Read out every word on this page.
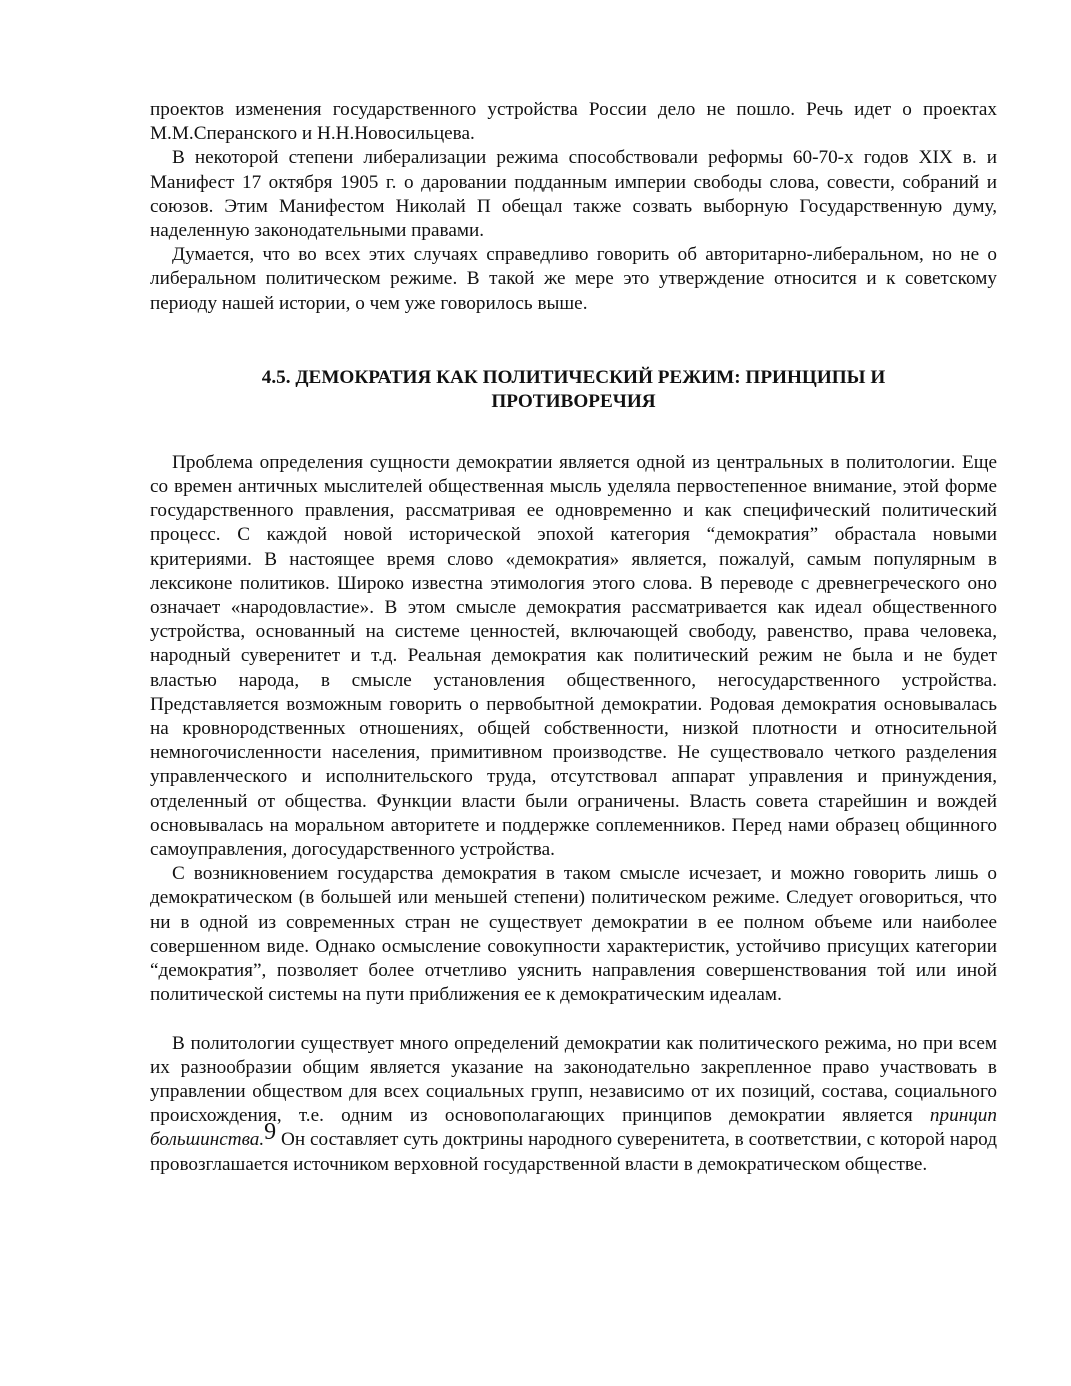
проектов изменения государственного устройства России дело не пошло. Речь идет о проектах М.М.Сперанского и Н.Н.Новосильцева.

В некоторой степени либерализации режима способствовали реформы 60-70-х годов XIX в. и Манифест 17 октября 1905 г. о даровании подданным империи свободы слова, совести, собраний и союзов. Этим Манифестом Николай П обещал также созвать выборную Государственную думу, наделенную законодательными правами.

Думается, что во всех этих случаях справедливо говорить об авторитарно-либеральном, но не о либеральном политическом режиме. В такой же мере это утверждение относится и к советскому периоду нашей истории, о чем уже говорилось выше.

4.5. ДЕМОКРАТИЯ КАК ПОЛИТИЧЕСКИЙ РЕЖИМ: ПРИНЦИПЫ И ПРОТИВОРЕЧИЯ

Проблема определения сущности демократии является одной из центральных в политологии. Еще со времен античных мыслителей общественная мысль уделяла первостепенное внимание, этой форме государственного правления, рассматривая ее одновременно и как специфический политический процесс. С каждой новой исторической эпохой категория “демократия” обрастала новыми критериями. В настоящее время слово «демократия» является, пожалуй, самым популярным в лексиконе политиков. Широко известна этимология этого слова. В переводе с древнегреческого оно означает «народовластие». В этом смысле демократия рассматривается как идеал общественного устройства, основанный на системе ценностей, включающей свободу, равенство, права человека, народный суверенитет и т.д. Реальная демократия как политический режим не была и не будет властью народа, в смысле установления общественного, негосударственного устройства. Представляется возможным говорить о первобытной демократии. Родовая демократия основывалась на кровнородственных отношениях, общей собственности, низкой плотности и относительной немногочисленности населения, примитивном производстве. Не существовало четкого разделения управленческого и исполнительского труда, отсутствовал аппарат управления и принуждения, отделенный от общества. Функции власти были ограничены. Власть совета старейшин и вождей основывалась на моральном авторитете и поддержке соплеменников. Перед нами образец общинного самоуправления, догосударственного устройства.

С возникновением государства демократия в таком смысле исчезает, и можно говорить лишь о демократическом (в большей или меньшей степени) политическом режиме. Следует оговориться, что ни в одной из современных стран не существует демократии в ее полном объеме или наиболее совершенном виде. Однако осмысление совокупности характеристик, устойчиво присущих категории “демократия”, позволяет более отчетливо уяснить направления совершенствования той или иной политической системы на пути приближения ее к демократическим идеалам.

В политологии существует много определений демократии как политического режима, но при всем их разнообразии общим является указание на законодательно закрепленное право участвовать в управлении обществом для всех социальных групп, независимо от их позиций, состава, социального происхождения, т.е. одним из основополагающих принципов демократии является принцип большинства.9 Он составляет суть доктрины народного суверенитета, в соответствии, с которой народ провозглашается источником верховной государственной власти в демократическом обществе.
